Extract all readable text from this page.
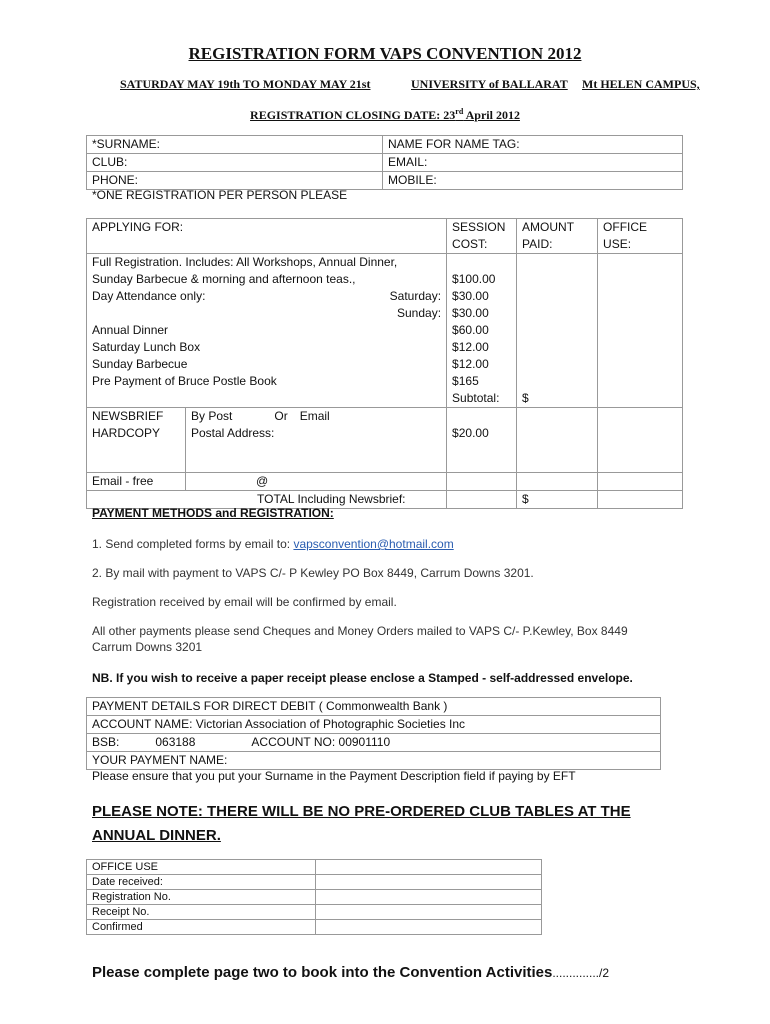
REGISTRATION FORM VAPS CONVENTION 2012
SATURDAY MAY 19th TO MONDAY MAY 21st	UNIVERSITY of BALLARAT Mt HELEN CAMPUS,
REGISTRATION CLOSING DATE: 23rd April 2012
*SURNAME:	NAME FOR NAME TAG:
CLUB:	EMAIL:
PHONE:	MOBILE:
*ONE REGISTRATION PER PERSON PLEASE
APPLYING FOR:		SESSION COST:	AMOUNT PAID:	OFFICE USE:
Full Registration. Includes: All Workshops, Annual Dinner,
Sunday Barbecue & morning and afternoon teas.,		$100.00		
Day Attendance only: Saturday:		$30.00		
Sunday:		$30.00		
Annual Dinner		$60.00		
Saturday Lunch Box		$12.00		
Sunday Barbecue		$12.00		
Pre Payment of Bruce Postle Book		$165		
		Subtotal:	$	
NEWSBRIEF	By Post Or Email			
HARDCOPY	Postal Address:	$20.00		
Email - free	@			
TOTAL Including Newsbrief:			$	
PAYMENT METHODS and REGISTRATION:
1. Send completed forms by email to: vapsconvention@hotmail.com
2. By mail with payment to VAPS C/- P Kewley PO Box 8449, Carrum Downs 3201.
Registration received by email will be confirmed by email.
All other payments please send Cheques and Money Orders mailed to VAPS C/- P.Kewley, Box 8449
Carrum Downs 3201
NB. If you wish to receive a paper receipt please enclose a Stamped - self-addressed envelope.
PAYMENT DETAILS FOR DIRECT DEBIT ( Commonwealth Bank )
ACCOUNT NAME: Victorian Association of Photographic Societies Inc
BSB:	063188	ACCOUNT NO: 00901110
YOUR PAYMENT NAME:
Please ensure that you put your Surname in the Payment Description field if paying by EFT
PLEASE NOTE: THERE WILL BE NO PRE-ORDERED CLUB TABLES AT THE ANNUAL DINNER.
OFFICE USE	
Date received:	
Registration No.	
Receipt No.	
Confirmed	
Please complete page two to book into the Convention Activities............../2
